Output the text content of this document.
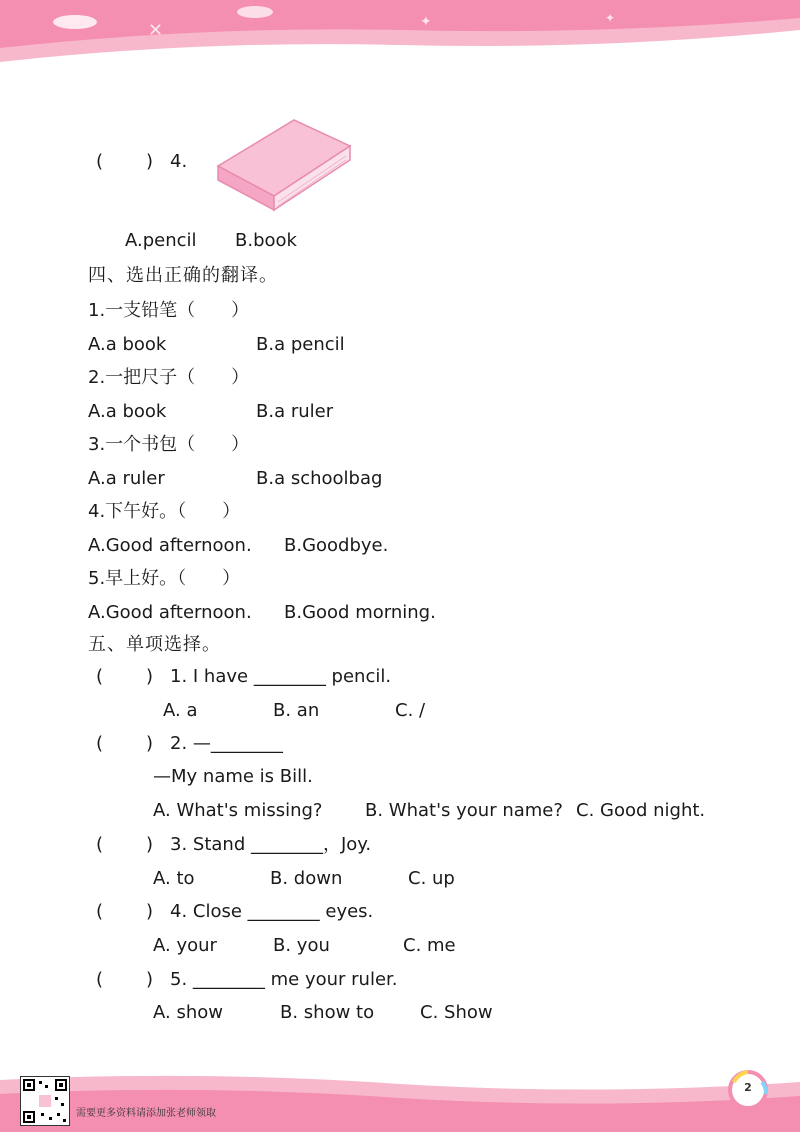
✕	✦	✦
( ) 4.
A.pencil B.book
四、选出正确的翻译。
1.一支铅笔（　　）
A.a book	B.a pencil
2.一把尺子（　　）
A.a book	B.a ruler
3.一个书包（　　）
A.a ruler	B.a schoolbag
4.下午好。（　　）
A.Good afternoon. B.Goodbye.
5.早上好。（　　）
A.Good afternoon. B.Good morning.
五、单项选择。
( ) 1. I have ________ pencil.
A. a	B. an	C. /
( ) 2. —________
—My name is Bill.
A. What's missing? B. What's your name? C. Good night.
( ) 3. Stand ________，Joy.
A. to	B. down	C. up
( ) 4. Close ________ eyes.
A. your	B. you	C. me
( ) 5. ________ me your ruler.
A. show	B. show to	C. Show
需要更多资料请添加张老师领取
2
